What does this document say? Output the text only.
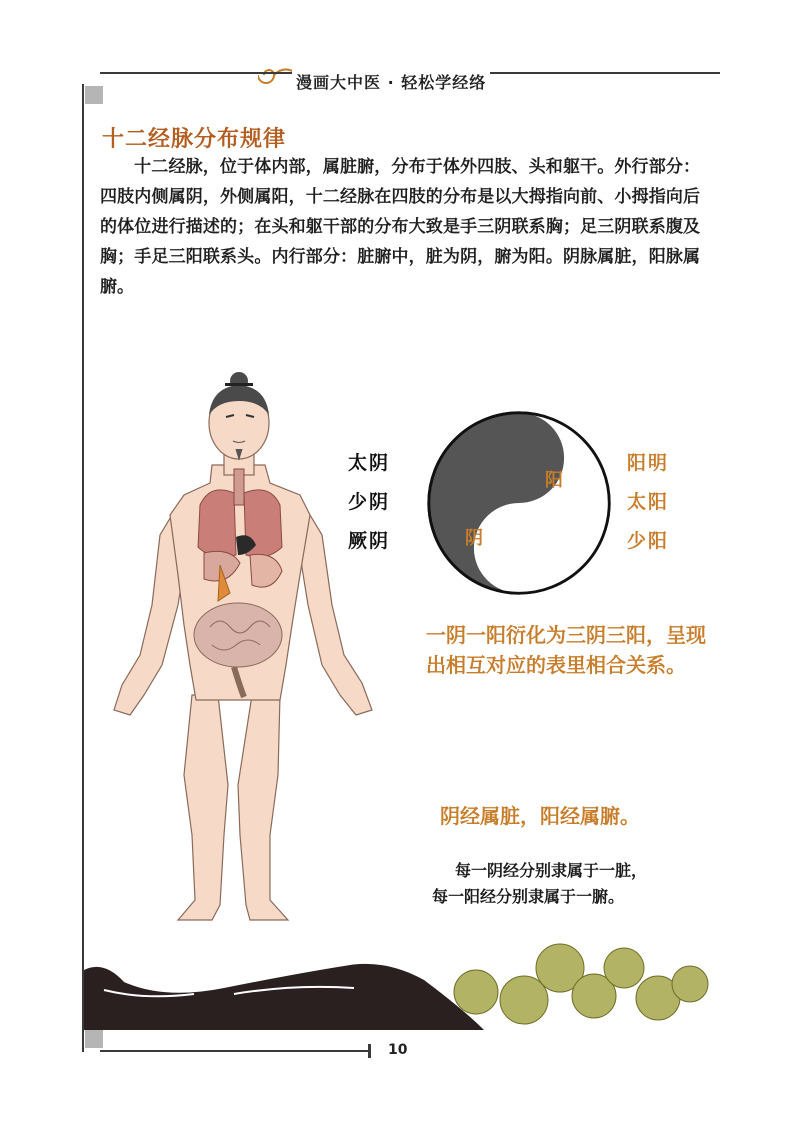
漫画大中医 · 轻松学经络
十二经脉分布规律
十二经脉，位于体内部，属脏腑，分布于体外四肢、头和躯干。外行部分：四肢内侧属阴，外侧属阳，十二经脉在四肢的分布是以大拇指向前、小拇指向后的体位进行描述的；在头和躯干部的分布大致是手三阴联系胸；足三阴联系腹及胸；手足三阳联系头。内行部分：脏腑中，脏为阴，腑为阳。阴脉属脏，阳脉属腑。
太阴
少阴
厥阴
阳
阴
阳明
太阳
少阳
一阴一阳衍化为三阴三阳，呈现出相互对应的表里相合关系。
阴经属脏，阳经属腑。
每一阴经分别隶属于一脏，
每一阳经分别隶属于一腑。
10
